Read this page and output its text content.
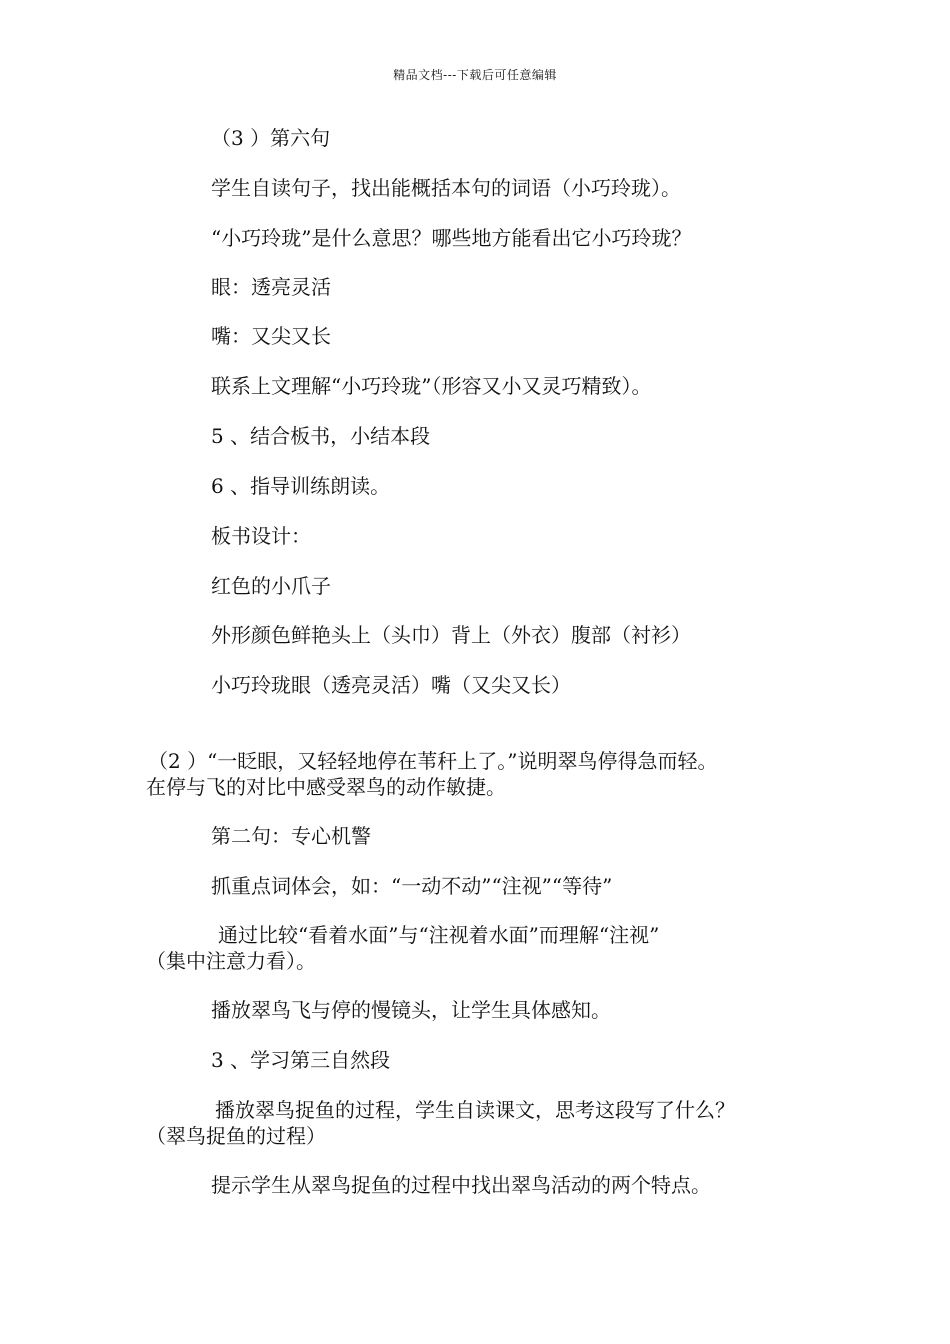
精品文档---下载后可任意编辑
（3 ）第六句
学生自读句子，找出能概括本句的词语（小巧玲珑）。
“小巧玲珑”是什么意思？哪些地方能看出它小巧玲珑？
眼：透亮灵活
嘴：又尖又长
联系上文理解“小巧玲珑”（形容又小又灵巧精致）。
5 、结合板书，小结本段
6 、指导训练朗读。
板书设计：
红色的小爪子
外形颜色鲜艳头上（头巾）背上（外衣）腹部（衬衫）
小巧玲珑眼（透亮灵活）嘴（又尖又长）
（2 ）“一眨眼，又轻轻地停在苇秆上了。”说明翠鸟停得急而轻。
在停与飞的对比中感受翠鸟的动作敏捷。
第二句：专心机警
抓重点词体会，如：“一动不动”“注视”“等待”
通过比较“看着水面”与“注视着水面”而理解“注视”
（集中注意力看）。
播放翠鸟飞与停的慢镜头，让学生具体感知。
3 、学习第三自然段
播放翠鸟捉鱼的过程，学生自读课文，思考这段写了什么？
（翠鸟捉鱼的过程）
提示学生从翠鸟捉鱼的过程中找出翠鸟活动的两个特点。
